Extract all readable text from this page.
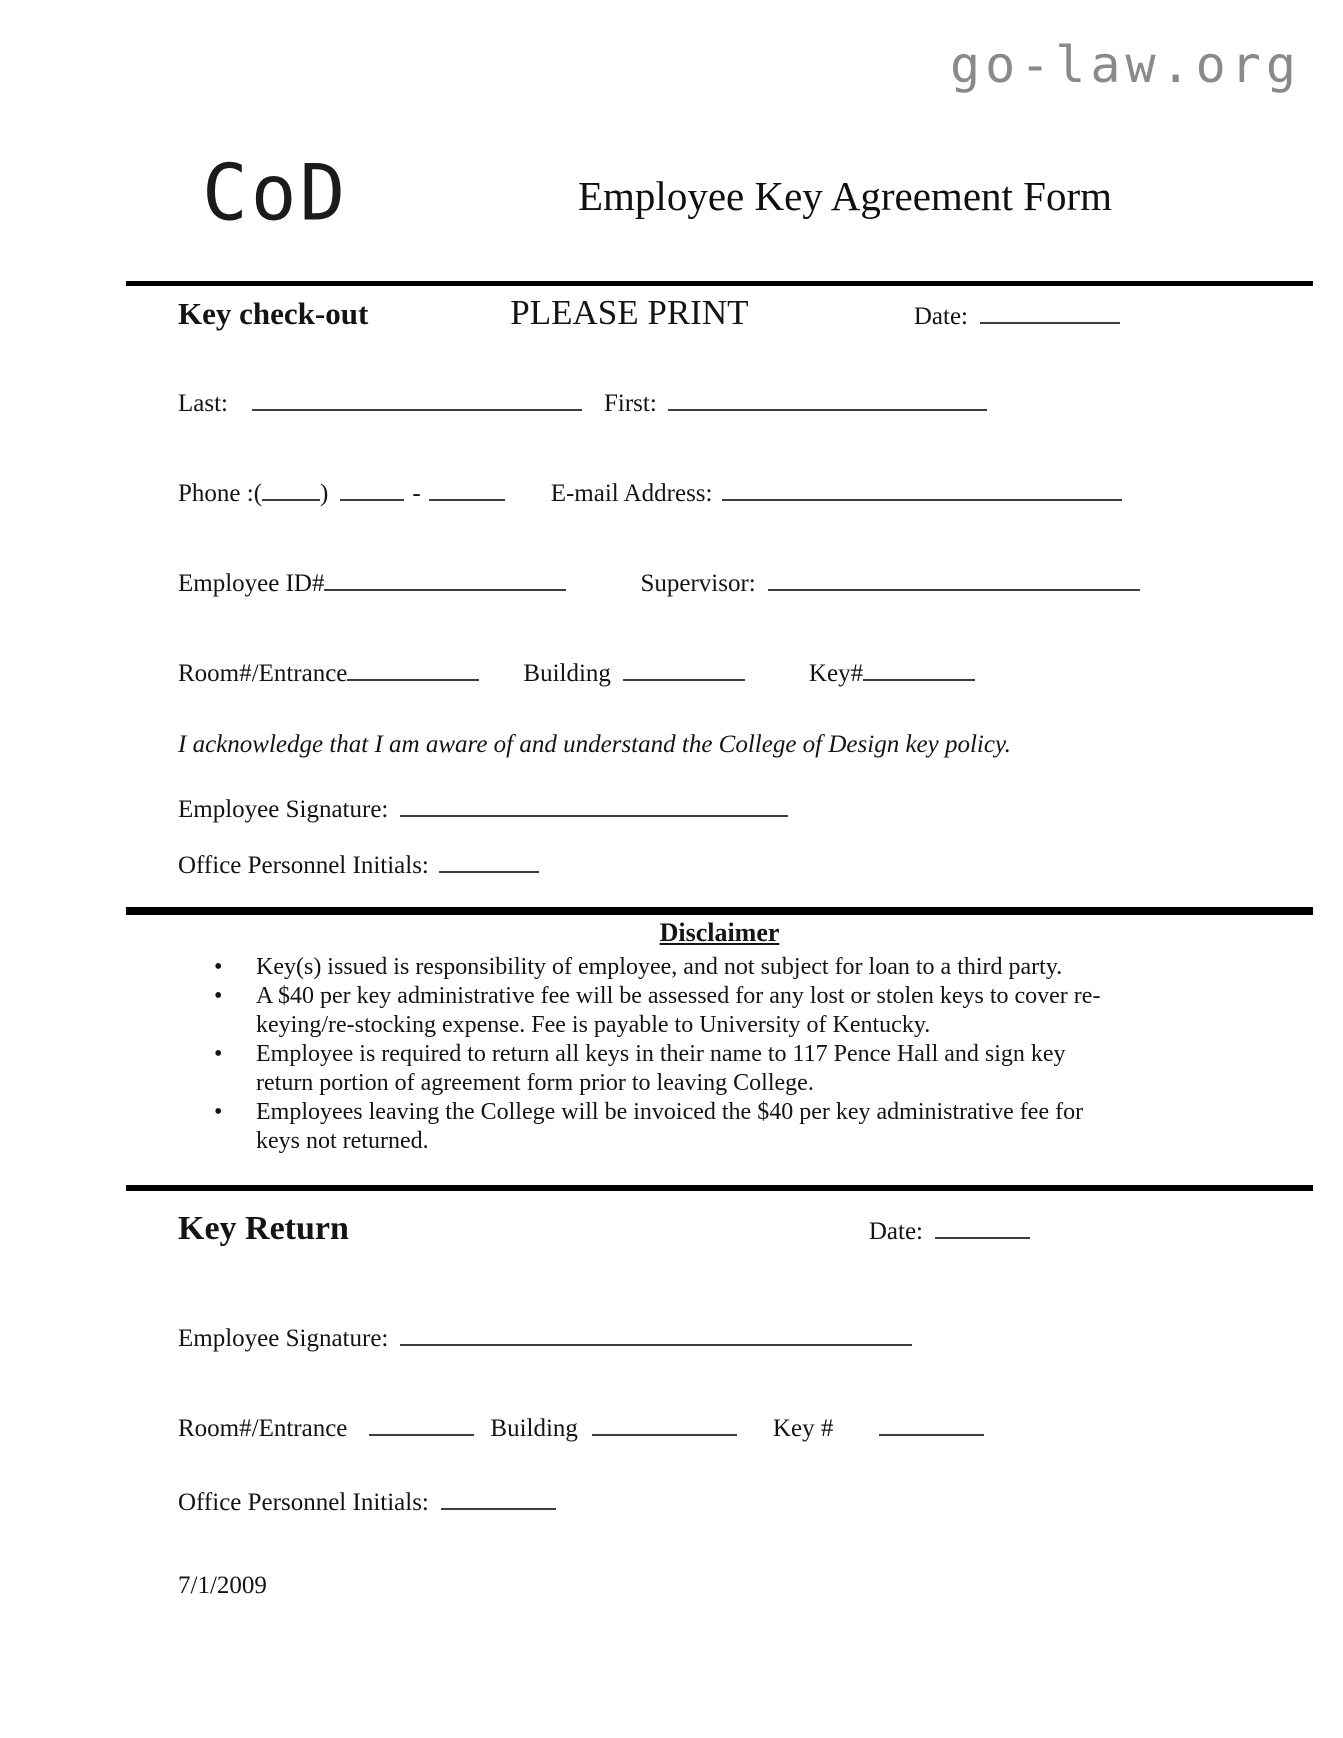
go-law.org
CoD	Employee Key Agreement Form
Key check-out	PLEASE PRINT	Date:
Last:	First:
Phone :( )	-	E-mail Address:
Employee ID#	Supervisor:
Room#/Entrance	Building	Key#
I acknowledge that I am aware of and understand the College of Design key policy.
Employee Signature:
Office Personnel Initials:
Disclaimer
•	Key(s) issued is responsibility of employee, and not subject for loan to a third party.
•	A $40 per key administrative fee will be assessed for any lost or stolen keys to cover re-keying/re-stocking expense. Fee is payable to University of Kentucky.
•	Employee is required to return all keys in their name to 117 Pence Hall and sign key return portion of agreement form prior to leaving College.
•	Employees leaving the College will be invoiced the $40 per key administrative fee for keys not returned.
Key Return	Date:
Employee Signature:
Room#/Entrance	Building	Key #
Office Personnel Initials:
7/1/2009
